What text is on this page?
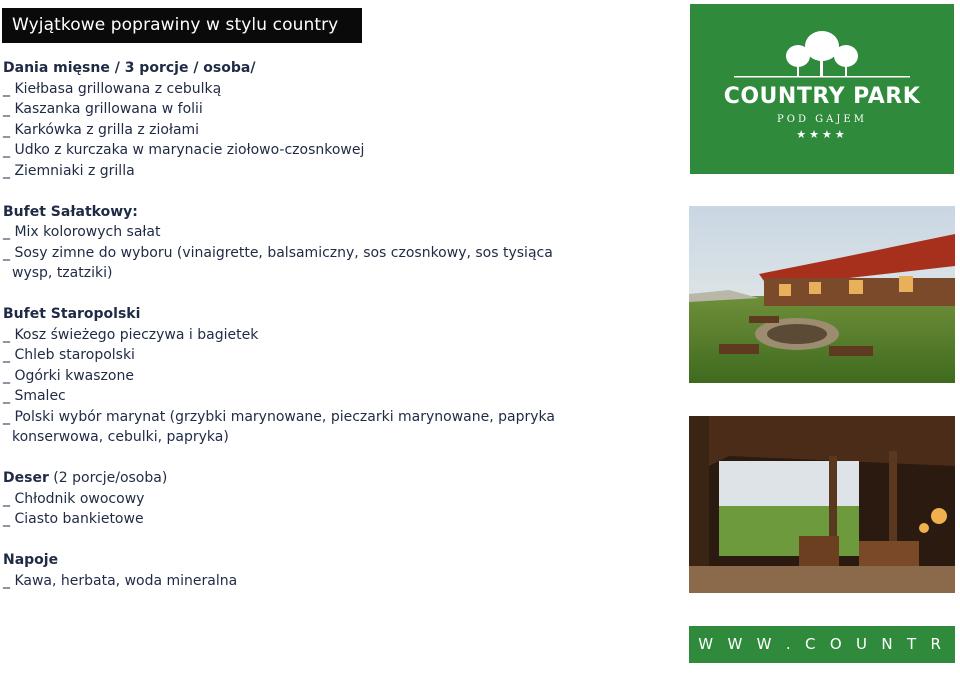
Wyjątkowe poprawiny w stylu country
Dania mięsne / 3 porcje / osoba/
_ Kiełbasa grillowana z cebulką
_ Kaszanka grillowana w folii
_ Karkówka z grilla z ziołami
_ Udko z kurczaka w marynacie ziołowo-czosnkowej
_ Ziemniaki z grilla
Bufet Sałatkowy:
_ Mix kolorowych sałat
_ Sosy zimne do wyboru (vinaigrette, balsamiczny, sos czosnkowy, sos tysiąca wysp, tzatziki)
Bufet Staropolski
_ Kosz świeżego pieczywa i bagietek
_ Chleb staropolski
_ Ogórki kwaszone
_ Smalec
_ Polski wybór marynat (grzybki marynowane, pieczarki marynowane, papryka konserwowa, cebulki, papryka)
Deser (2 porcje/osoba)
_ Chłodnik owocowy
_ Ciasto bankietowe
Napoje
_ Kawa, herbata, woda mineralna
COUNTRY PARK
POD GAJEM
★★★★
W W W . C O U N T R Y P A R K . P L
